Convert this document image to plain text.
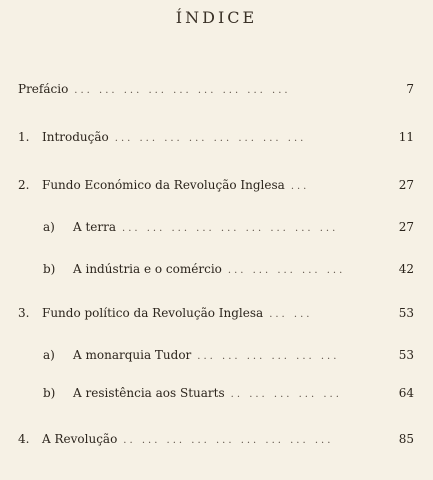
ÍNDICE
Prefácio ... ... ... ... ... ... ... ... ...	7
1.	Introdução ... ... ... ... ... ... ... ...	11
2.	Fundo Económico da Revolução Inglesa ...	27
a)	A terra ... ... ... ... ... ... ... ... ...	27
b)	A indústria e o comércio ... ... ... ... ...	42
3.	Fundo político da Revolução Inglesa ... ...	53
a)	A monarquia Tudor ... ... ... ... ... ...	53
b)	A resistência aos Stuarts .. ... ... ... ...	64
4.	A Revolução .. ... ... ... ... ... ... ... ...	85
